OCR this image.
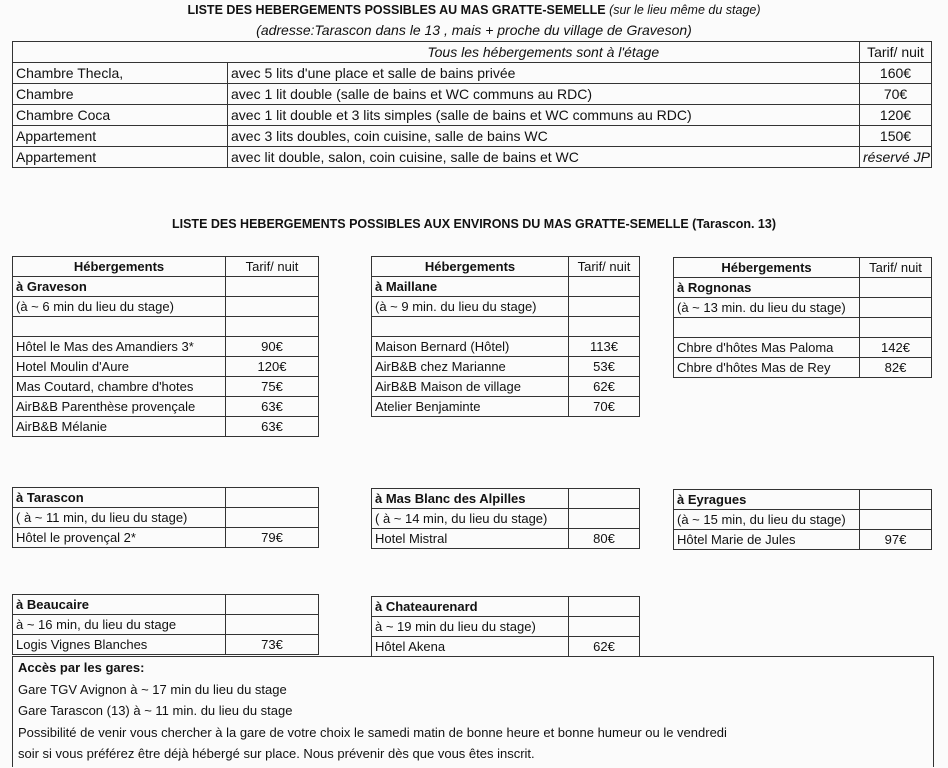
LISTE DES HEBERGEMENTS POSSIBLES AU MAS GRATTE-SEMELLE (sur le lieu même du stage)
(adresse:Tarascon dans le 13 , mais + proche du village de Graveson)
	Tous les hébergements sont à l'étage	Tarif/ nuit
Chambre Thecla,	avec 5 lits d'une place et salle de bains privée	160€
Chambre	avec 1 lit double (salle de bains et WC communs au RDC)	70€
Chambre Coca	avec 1 lit double et 3 lits simples (salle de bains et WC communs au RDC)	120€
Appartement	avec 3 lits doubles, coin cuisine, salle de bains WC	150€
Appartement	avec lit double, salon, coin cuisine, salle de bains et WC	réservé JP
LISTE DES HEBERGEMENTS POSSIBLES AUX ENVIRONS DU MAS GRATTE-SEMELLE (Tarascon. 13)
Hébergements	Tarif/ nuit
à Graveson	
(à ~ 6 min du lieu du stage)	

Hôtel le Mas des Amandiers 3*	90€
Hotel Moulin d'Aure	120€
Mas Coutard, chambre d'hotes	75€
AirB&B Parenthèse provençale	63€
AirB&B Mélanie	63€
Hébergements	Tarif/ nuit
à Maillane	
(à ~ 9 min. du lieu du stage)	

Maison Bernard (Hôtel)	113€
AirB&B chez Marianne	53€
AirB&B Maison de village	62€
Atelier Benjaminte	70€
Hébergements	Tarif/ nuit
à Rognonas	
(à ~ 13 min. du lieu du stage)	

Chbre d'hôtes Mas Paloma	142€
Chbre d'hôtes Mas de Rey	82€
à Tarascon	
( à ~ 11 min, du lieu du stage)	
Hôtel le provençal 2*	79€
à Mas Blanc des Alpilles	
( à ~ 14 min, du lieu du stage)	
Hotel Mistral	80€
à Eyragues	
(à ~ 15 min, du lieu du stage)	
Hôtel Marie de Jules	97€
à Beaucaire	
à ~ 16 min, du lieu du stage	
Logis Vignes Blanches	73€
à Chateaurenard	
à ~ 19 min du lieu du stage)	
Hôtel Akena	62€
Accès par les gares:
Gare TGV Avignon à ~ 17 min du lieu du stage
Gare Tarascon (13) à ~ 11 min. du lieu du stage
Possibilité de venir vous chercher à la gare de votre choix le samedi matin de bonne heure et bonne humeur ou le vendredi
soir si vous préférez être déjà hébergé sur place. Nous prévenir dès que vous êtes inscrit.
